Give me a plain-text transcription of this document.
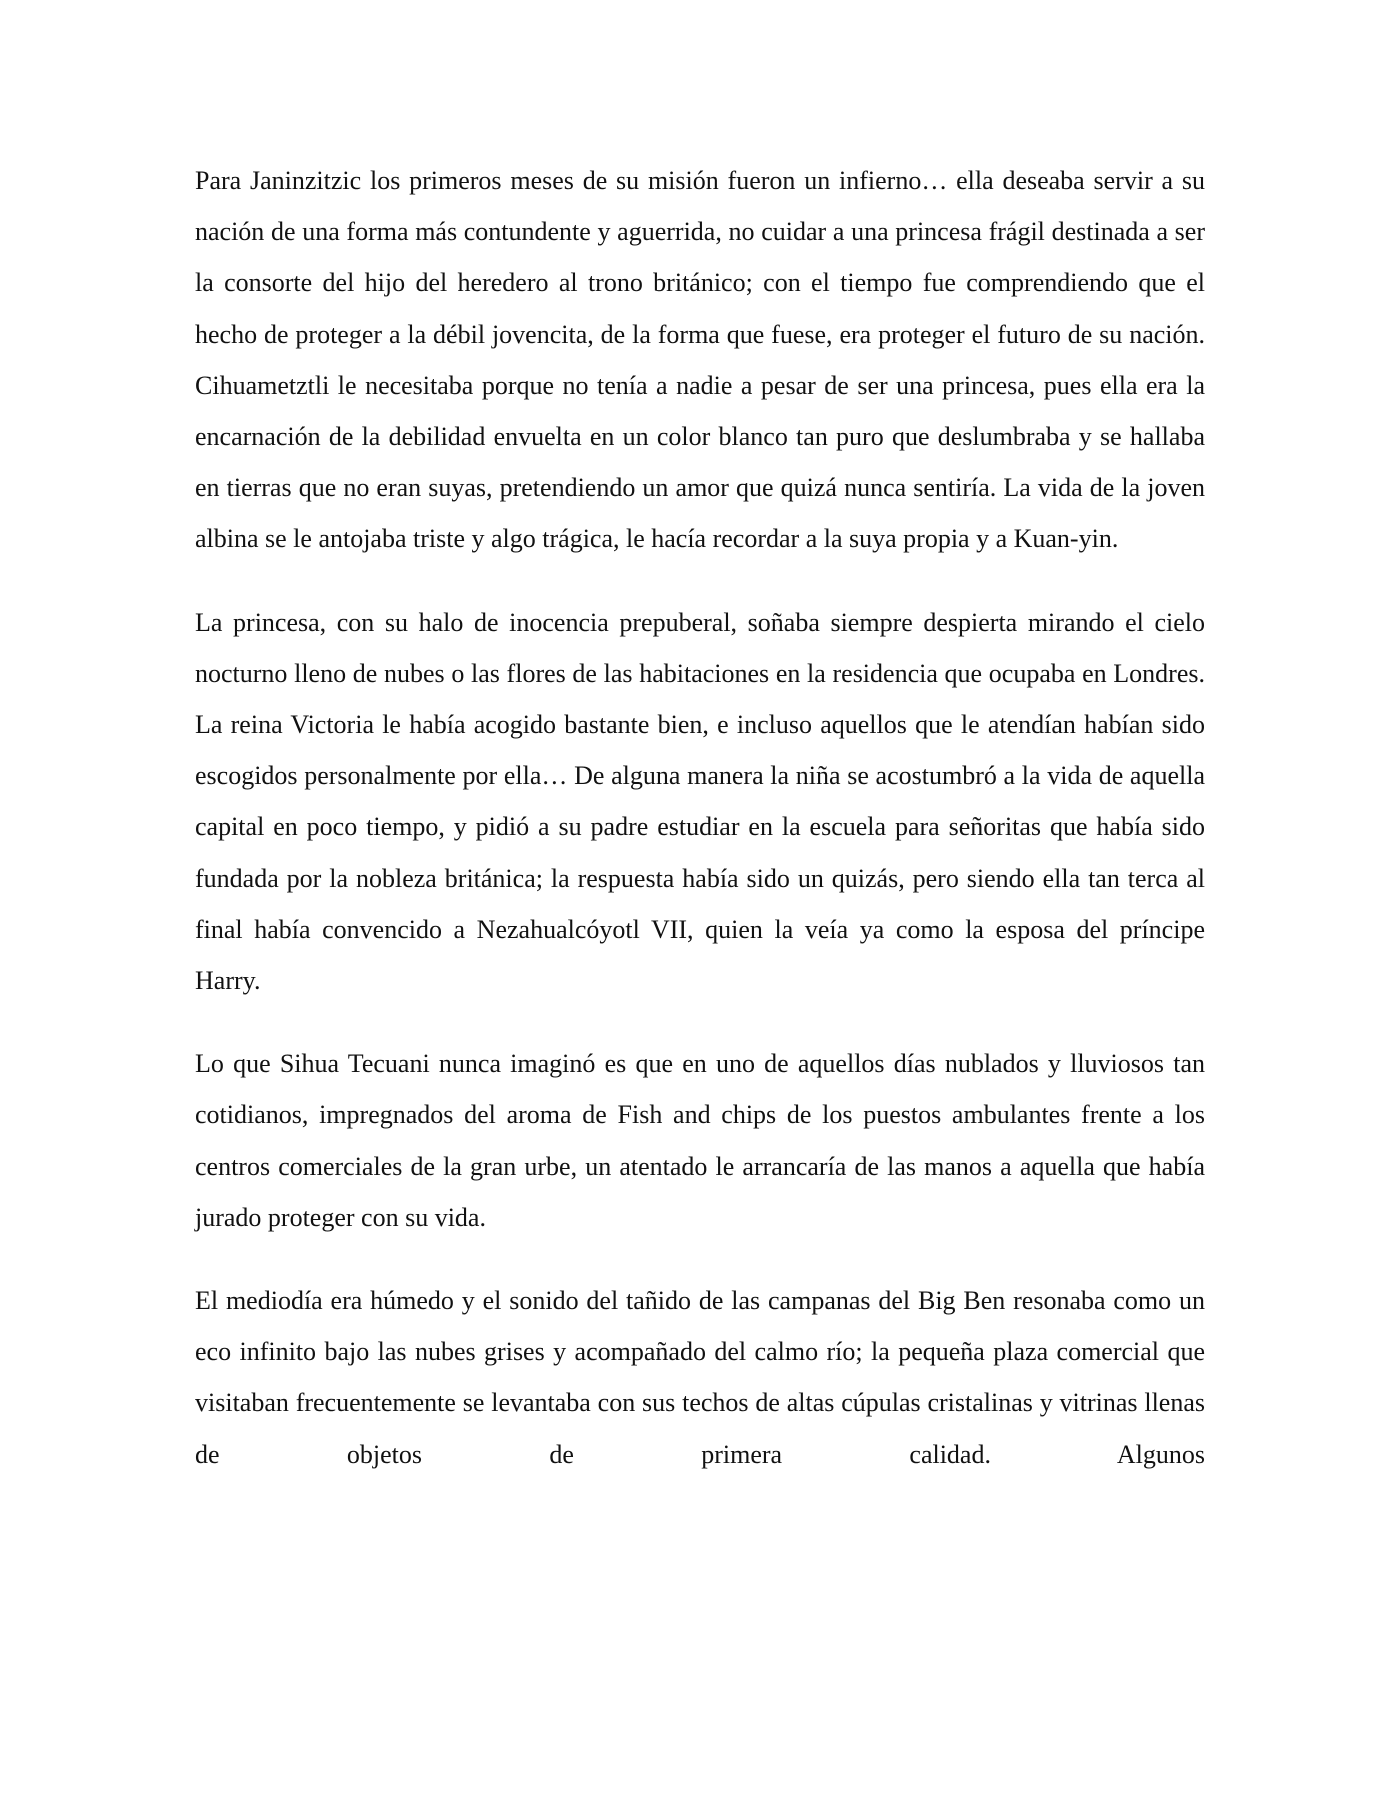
Para Janinzitzic los primeros meses de su misión fueron un infierno… ella deseaba servir a su nación de una forma más contundente y aguerrida, no cuidar a una princesa frágil destinada a ser la consorte del hijo del heredero al trono británico; con el tiempo fue comprendiendo que el hecho de proteger a la débil jovencita, de la forma que fuese, era proteger el futuro de su nación. Cihuametztli le necesitaba porque no tenía a nadie a pesar de ser una princesa, pues ella era la encarnación de la debilidad envuelta en un color blanco tan puro que deslumbraba y se hallaba en tierras que no eran suyas, pretendiendo un amor que quizá nunca sentiría. La vida de la joven albina se le antojaba triste y algo trágica, le hacía recordar a la suya propia y a Kuan-yin.

La princesa, con su halo de inocencia prepuberal, soñaba siempre despierta mirando el cielo nocturno lleno de nubes o las flores de las habitaciones en la residencia que ocupaba en Londres. La reina Victoria le había acogido bastante bien, e incluso aquellos que le atendían habían sido escogidos personalmente por ella… De alguna manera la niña se acostumbró a la vida de aquella capital en poco tiempo, y pidió a su padre estudiar en la escuela para señoritas que había sido fundada por la nobleza británica; la respuesta había sido un quizás, pero siendo ella tan terca al final había convencido a Nezahualcóyotl VII, quien la veía ya como la esposa del príncipe Harry.

Lo que Sihua Tecuani nunca imaginó es que en uno de aquellos días nublados y lluviosos tan cotidianos, impregnados del aroma de Fish and chips de los puestos ambulantes frente a los centros comerciales de la gran urbe, un atentado le arrancaría de las manos a aquella que había jurado proteger con su vida.

El mediodía era húmedo y el sonido del tañido de las campanas del Big Ben resonaba como un eco infinito bajo las nubes grises y acompañado del calmo río; la pequeña plaza comercial que visitaban frecuentemente se levantaba con sus techos de altas cúpulas cristalinas y vitrinas llenas de objetos de primera calidad. Algunos
